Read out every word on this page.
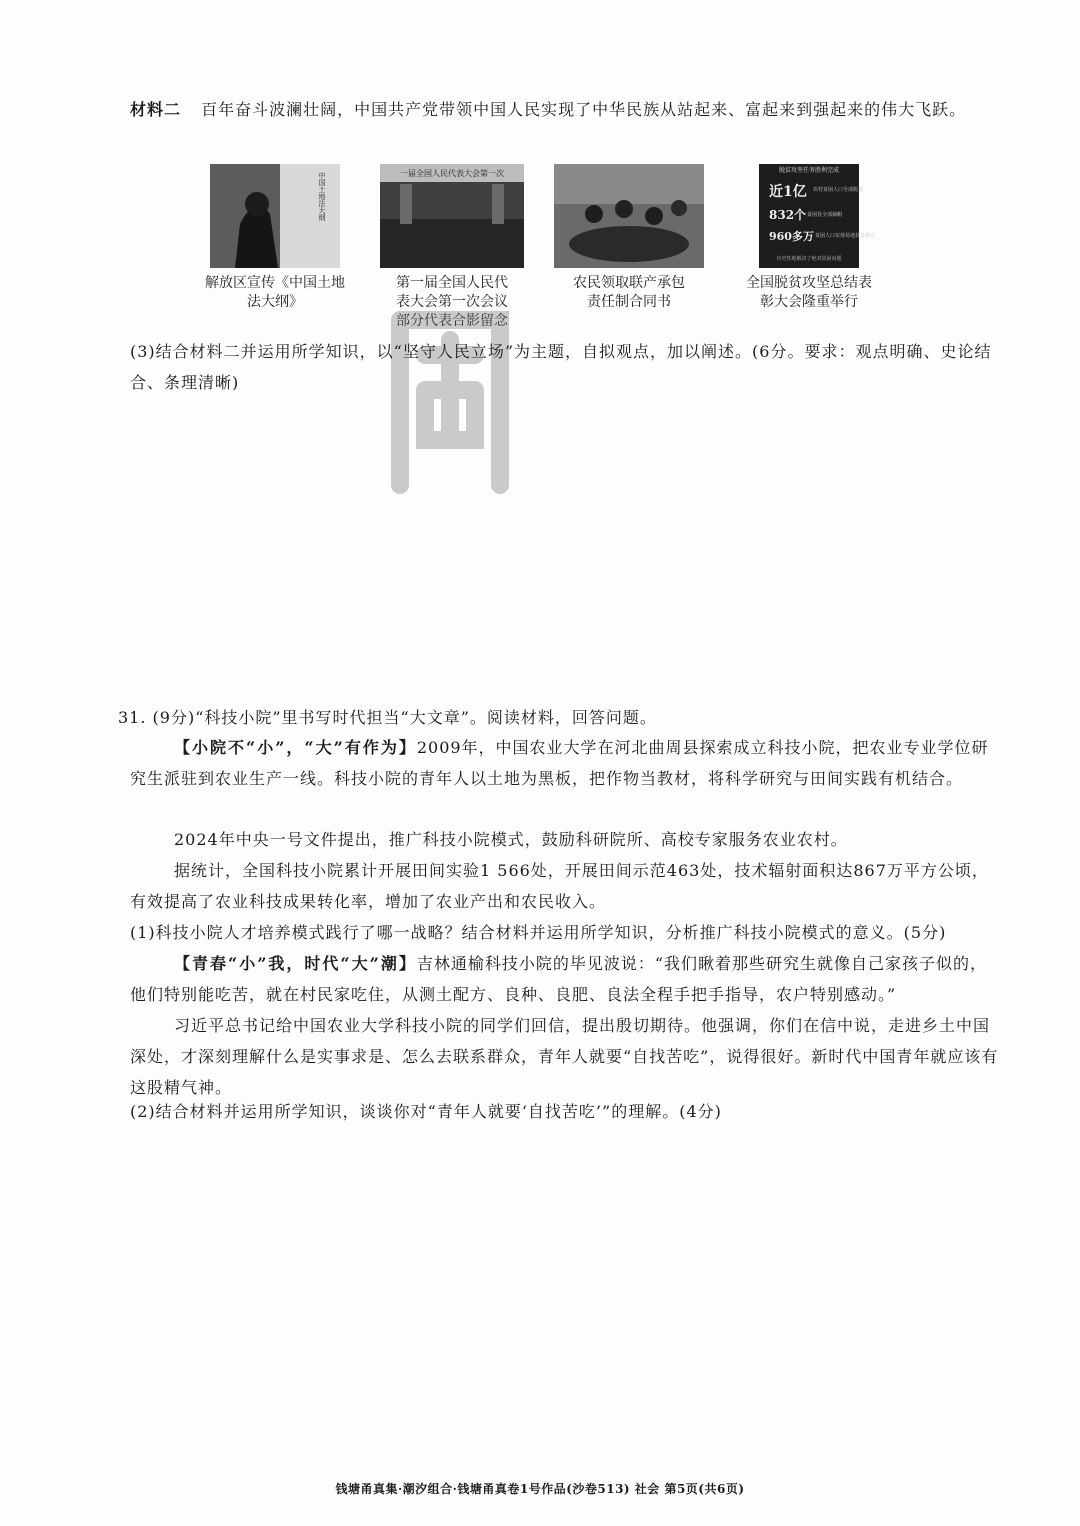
材料二 百年奋斗波澜壮阔，中国共产党带领中国人民实现了中华民族从站起来、富起来到强起来的伟大飞跃。

中国土地法大纲
解放区宣传《中国土地法大纲》
一届全国人民代表大会第一次
第一届全国人民代表大会第一次会议部分代表合影留念
农民领取联产承包责任制合同书
脱贫攻坚任务胜利完成
近1亿 农村贫困人口全部脱贫
832个 贫困县全部摘帽
960多万 贫困人口实现易地扶贫搬迁
历史性地解决了绝对贫困问题
全国脱贫攻坚总结表彰大会隆重举行

(3)结合材料二并运用所学知识，以“坚守人民立场”为主题，自拟观点，加以阐述。(6分。要求：观点明确、史论结合、条理清晰)

31. (9分)“科技小院”里书写时代担当“大文章”。阅读材料，回答问题。

【小院不“小”，“大”有作为】2009年，中国农业大学在河北曲周县探索成立科技小院，把农业专业学位研究生派驻到农业生产一线。科技小院的青年人以土地为黑板，把作物当教材，将科学研究与田间实践有机结合。

2024年中央一号文件提出，推广科技小院模式，鼓励科研院所、高校专家服务农业农村。

据统计，全国科技小院累计开展田间实验1 566处，开展田间示范463处，技术辐射面积达867万平方公顷，有效提高了农业科技成果转化率，增加了农业产出和农民收入。

(1)科技小院人才培养模式践行了哪一战略？结合材料并运用所学知识，分析推广科技小院模式的意义。(5分)

【青春“小”我，时代“大”潮】吉林通榆科技小院的毕见波说：“我们瞅着那些研究生就像自己家孩子似的，他们特别能吃苦，就在村民家吃住，从测土配方、良种、良肥、良法全程手把手指导，农户特别感动。”

习近平总书记给中国农业大学科技小院的同学们回信，提出殷切期待。他强调，你们在信中说，走进乡土中国深处，才深刻理解什么是实事求是、怎么去联系群众，青年人就要“自找苦吃”，说得很好。新时代中国青年就应该有这股精气神。

(2)结合材料并运用所学知识，谈谈你对“青年人就要‘自找苦吃’”的理解。(4分)

钱塘甬真集·潮汐组合·钱塘甬真卷1号作品(沙卷513) 社会 第5页(共6页)
